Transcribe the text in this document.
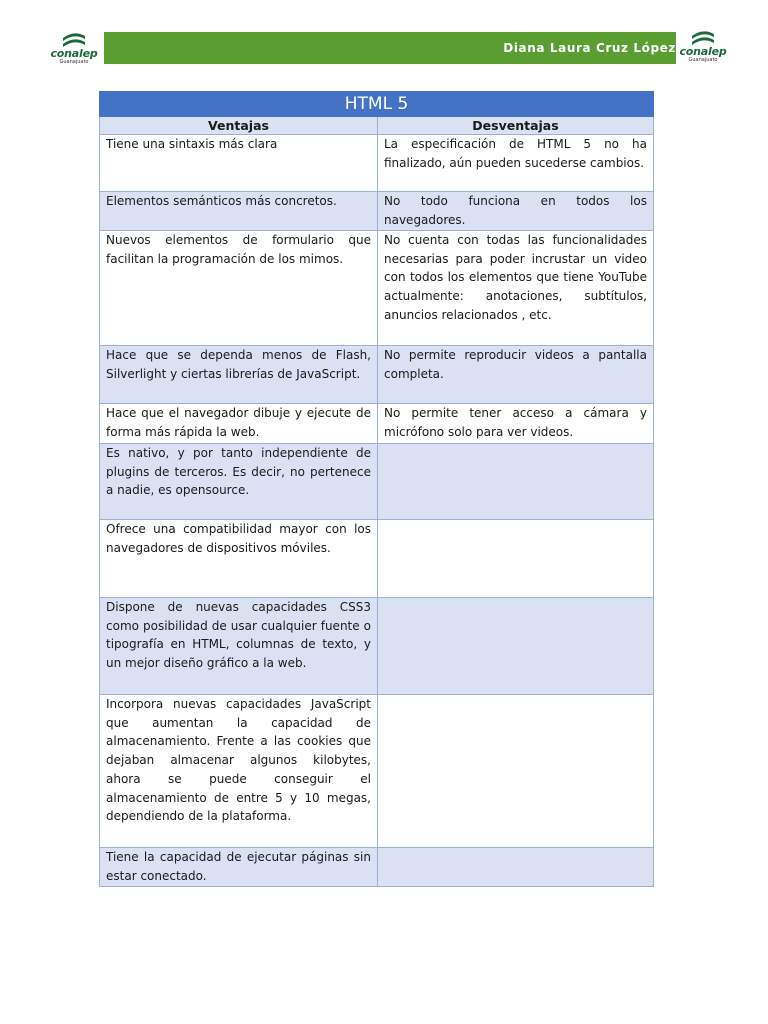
conalep
Guanajuato
Diana Laura Cruz López conalep
Guanajuato
HTML 5	
Ventajas	Desventajas
Tiene una sintaxis más clara	La especificación de HTML 5 no ha finalizado, aún pueden sucederse cambios.
Elementos semánticos más concretos.	No todo funciona en todos los navegadores.
Nuevos elementos de formulario que facilitan la programación de los mimos.	No cuenta con todas las funcionalidades necesarias para poder incrustar un video con todos los elementos que tiene YouTube actualmente: anotaciones, subtítulos, anuncios relacionados , etc.
Hace que se dependa menos de Flash, Silverlight y ciertas librerías de JavaScript.	No permite reproducir videos a pantalla completa.
Hace que el navegador dibuje y ejecute de forma más rápida la web.	No permite tener acceso a cámara y micrófono solo para ver videos.
Es nativo, y por tanto independiente de plugins de terceros. Es decir, no pertenece a nadie, es opensource.	
Ofrece una compatibilidad mayor con los navegadores de dispositivos móviles.	
Dispone de nuevas capacidades CSS3 como posibilidad de usar cualquier fuente o tipografía en HTML, columnas de texto, y un mejor diseño gráfico a la web.	
Incorpora nuevas capacidades JavaScript que aumentan la capacidad de almacenamiento. Frente a las cookies que dejaban almacenar algunos kilobytes, ahora se puede conseguir el almacenamiento de entre 5 y 10 megas, dependiendo de la plataforma.	
Tiene la capacidad de ejecutar páginas sin estar conectado.	
